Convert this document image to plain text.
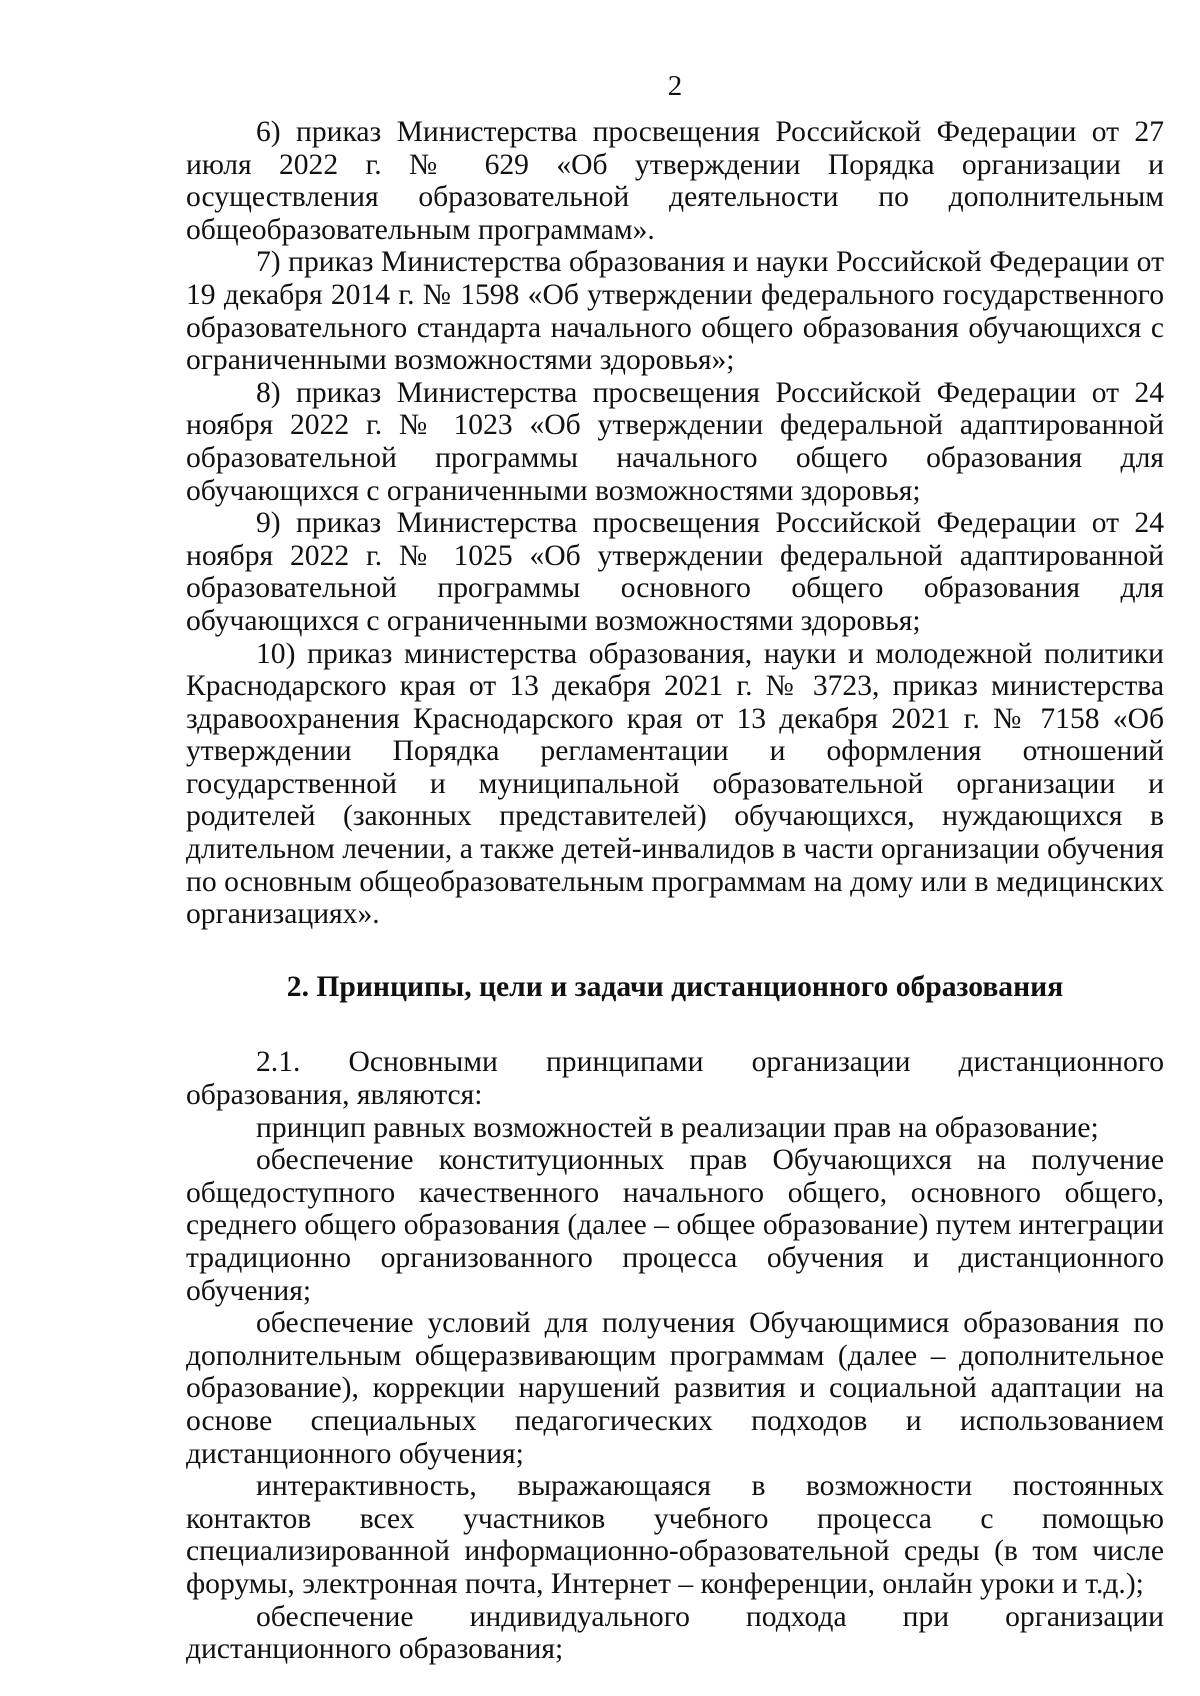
2

6) приказ Министерства просвещения Российской Федерации от 27 июля 2022 г. № 629 «Об утверждении Порядка организации и осуществления образовательной деятельности по дополнительным общеобразовательным программам».

7) приказ Министерства образования и науки Российской Федерации от 19 декабря 2014 г. № 1598 «Об утверждении федерального государственного образовательного стандарта начального общего образования обучающихся с ограниченными возможностями здоровья»;

8) приказ Министерства просвещения Российской Федерации от 24 ноября 2022 г. № 1023 «Об утверждении федеральной адаптированной образовательной программы начального общего образования для обучающихся с ограниченными возможностями здоровья;

9) приказ Министерства просвещения Российской Федерации от 24 ноября 2022 г. № 1025 «Об утверждении федеральной адаптированной образовательной программы основного общего образования для обучающихся с ограниченными возможностями здоровья;

10) приказ министерства образования, науки и молодежной политики Краснодарского края от 13 декабря 2021 г. № 3723, приказ министерства здравоохранения Краснодарского края от 13 декабря 2021 г. № 7158 «Об утверждении Порядка регламентации и оформления отношений государственной и муниципальной образовательной организации и родителей (законных представителей) обучающихся, нуждающихся в длительном лечении, а также детей-инвалидов в части организации обучения по основным общеобразовательным программам на дому или в медицинских организациях».

2. Принципы, цели и задачи дистанционного образования

2.1. Основными принципами организации дистанционного образования, являются:

принцип равных возможностей в реализации прав на образование;

обеспечение конституционных прав Обучающихся на получение общедоступного качественного начального общего, основного общего, среднего общего образования (далее – общее образование) путем интеграции традиционно организованного процесса обучения и дистанционного обучения;

обеспечение условий для получения Обучающимися образования по дополнительным общеразвивающим программам (далее – дополнительное образование), коррекции нарушений развития и социальной адаптации на основе специальных педагогических подходов и использованием дистанционного обучения;

интерактивность, выражающаяся в возможности постоянных контактов всех участников учебного процесса с помощью специализированной информационно-образовательной среды (в том числе форумы, электронная почта, Интернет – конференции, онлайн уроки и т.д.);

обеспечение индивидуального подхода при организации дистанционного образования;
